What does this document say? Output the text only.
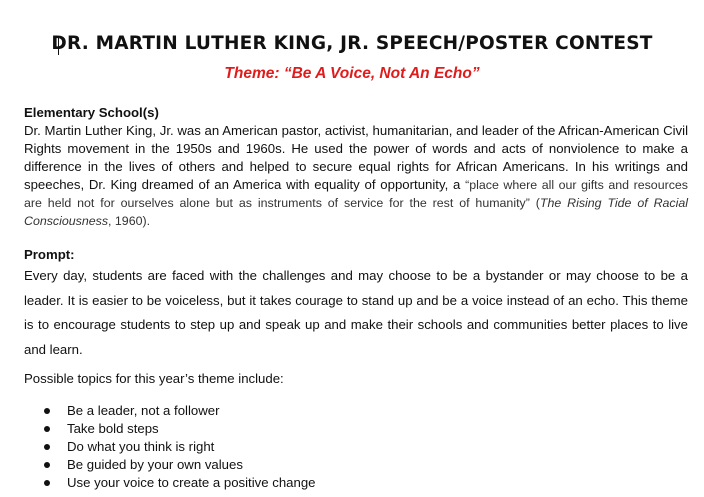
DR. MARTIN LUTHER KING, JR. SPEECH/POSTER CONTEST
Theme: “Be A Voice, Not An Echo”
Elementary School(s)
Dr. Martin Luther King, Jr. was an American pastor, activist, humanitarian, and leader of the African-American Civil Rights movement in the 1950s and 1960s. He used the power of words and acts of nonviolence to make a difference in the lives of others and helped to secure equal rights for African Americans. In his writings and speeches, Dr. King dreamed of an America with equality of opportunity, a “place where all our gifts and resources are held not for ourselves alone but as instruments of service for the rest of humanity” (The Rising Tide of Racial Consciousness, 1960).
Prompt:
Every day, students are faced with the challenges and may choose to be a bystander or may choose to be a leader. It is easier to be voiceless, but it takes courage to stand up and be a voice instead of an echo. This theme is to encourage students to step up and speak up and make their schools and communities better places to live and learn.
Possible topics for this year’s theme include:
Be a leader, not a follower
Take bold steps
Do what you think is right
Be guided by your own values
Use your voice to create a positive change
